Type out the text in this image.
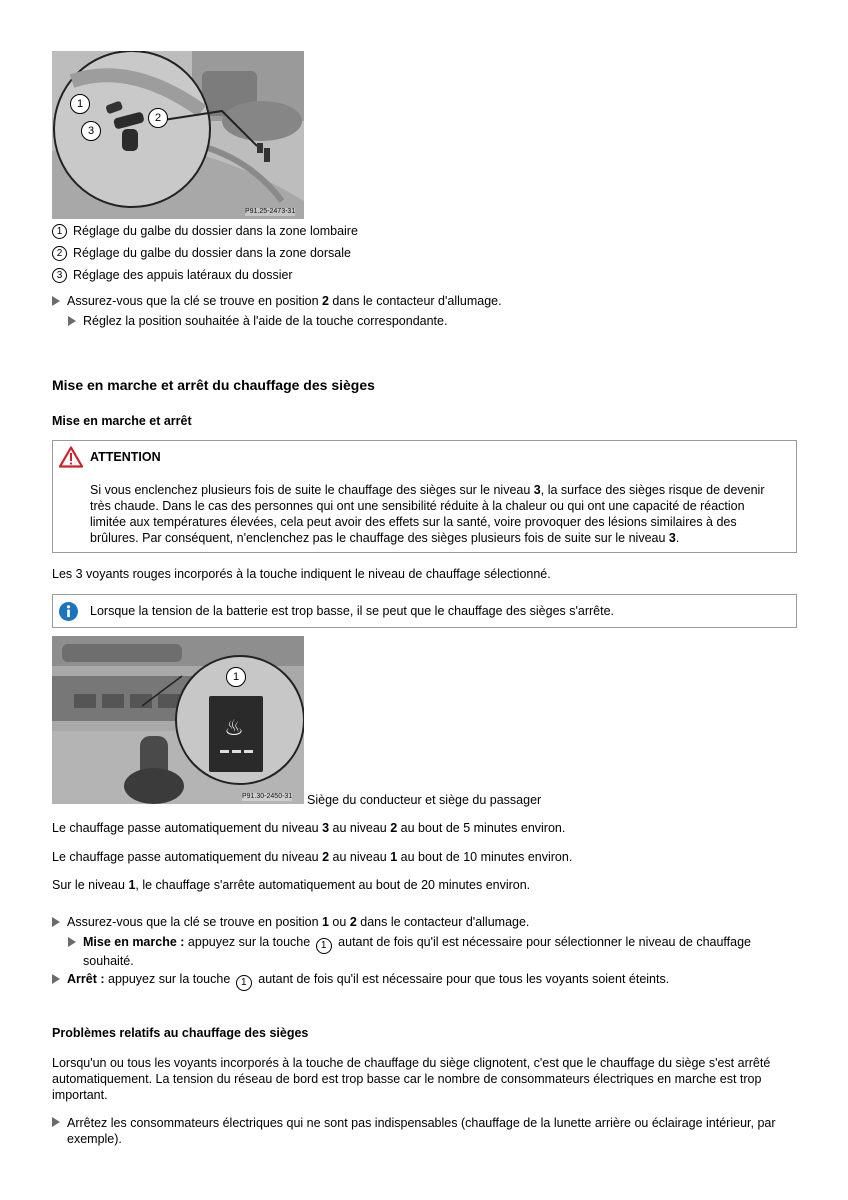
1
2
3
P91.25-2473-31
1 Réglage du galbe du dossier dans la zone lombaire
2 Réglage du galbe du dossier dans la zone dorsale
3 Réglage des appuis latéraux du dossier
Assurez-vous que la clé se trouve en position 2 dans le contacteur d'allumage.
Réglez la position souhaitée à l'aide de la touche correspondante.
Mise en marche et arrêt du chauffage des sièges
Mise en marche et arrêt
ATTENTION
Si vous enclenchez plusieurs fois de suite le chauffage des sièges sur le niveau 3, la surface des sièges risque de devenir
très chaude. Dans le cas des personnes qui ont une sensibilité réduite à la chaleur ou qui ont une capacité de réaction
limitée aux températures élevées, cela peut avoir des effets sur la santé, voire provoquer des lésions similaires à des
brûlures. Par conséquent, n'enclenchez pas le chauffage des sièges plusieurs fois de suite sur le niveau 3.
Les 3 voyants rouges incorporés à la touche indiquent le niveau de chauffage sélectionné.
Lorsque la tension de la batterie est trop basse, il se peut que le chauffage des sièges s'arrête.
♨
1
P91.30-2450-31 Siège du conducteur et siège du passager
Le chauffage passe automatiquement du niveau 3 au niveau 2 au bout de 5 minutes environ.
Le chauffage passe automatiquement du niveau 2 au niveau 1 au bout de 10 minutes environ.
Sur le niveau 1, le chauffage s'arrête automatiquement au bout de 20 minutes environ.
Assurez-vous que la clé se trouve en position 1 ou 2 dans le contacteur d'allumage.
Mise en marche : appuyez sur la touche 1 autant de fois qu'il est nécessaire pour sélectionner le niveau de chauffage
souhaité.
Arrêt : appuyez sur la touche 1 autant de fois qu'il est nécessaire pour que tous les voyants soient éteints.
Problèmes relatifs au chauffage des sièges
Lorsqu'un ou tous les voyants incorporés à la touche de chauffage du siège clignotent, c'est que le chauffage du siège s'est arrêté
automatiquement. La tension du réseau de bord est trop basse car le nombre de consommateurs électriques en marche est trop
important.
Arrêtez les consommateurs électriques qui ne sont pas indispensables (chauffage de la lunette arrière ou éclairage intérieur, par
exemple).
